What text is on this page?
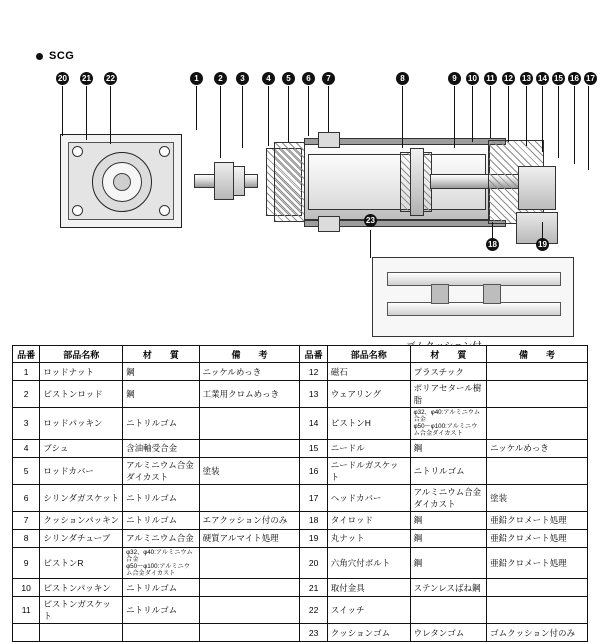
SCG
1	2	3	4	5	6	7	8	9	10 11 12 13 14 15 16 17
20 21 22
18	19
23
品番	部品名称	材　　質	備　　考	品番	部品名称	材　　質	備　　考
1	ロッドナット	鋼	ニッケルめっき	12	磁石	プラスチック	
2	ピストンロッド	鋼	工業用クロムめっき	13	ウェアリング	ポリアセタール樹脂	
3	ロッドパッキン	ニトリルゴム		14	ピストンH	φ32、φ40:アルミニウム合金
φ50～φ100:アルミニウム合金ダイカスト	

4	ブシュ	含油軸受合金		15	ニードル	鋼	ニッケルめっき
5	ロッドカバー	アルミニウム合金ダイカスト	塗装	16	ニードルガスケット	ニトリルゴム	
6	シリンダガスケット	ニトリルゴム		17	ヘッドカバー	アルミニウム合金ダイカスト	塗装
7	クッションパッキン	ニトリルゴム	エアクッション付のみ	18	タイロッド	鋼	亜鉛クロメート処理
8	シリンダチューブ	アルミニウム合金	硬質アルマイト処理	19	丸ナット	鋼	亜鉛クロメート処理
9	ピストンR	φ32、φ40:アルミニウム合金
φ50～φ100:アルミニウム合金ダイカスト		20	六角穴付ボルト	鋼	亜鉛クロメート処理
10	ピストンパッキン	ニトリルゴム		21	取付金具	ステンレスばね鋼	
11	ピストンガスケット	ニトリルゴム		22	スイッチ		
				23	クッションゴム	ウレタンゴム	ゴムクッション付のみ
